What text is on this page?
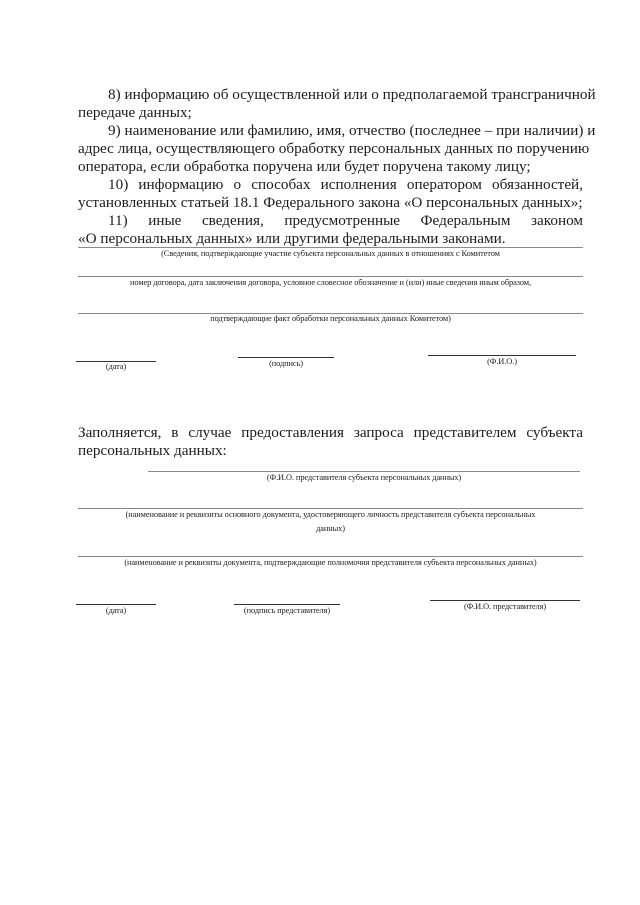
8) информацию об осуществленной или о предполагаемой трансграничной

передаче данных;

9) наименование или фамилию, имя, отчество (последнее – при наличии) и

адрес лица, осуществляющего обработку персональных данных по поручению

оператора, если обработка поручена или будет поручена такому лицу;

10) информацию о способах исполнения оператором обязанностей,

установленных статьей 18.1 Федерального закона «О персональных данных»;

11) иные сведения, предусмотренные Федеральным законом

«О персональных данных» или другими федеральными законами.

(Сведения, подтверждающие участие субъекта персональных данных в отношениях с Комитетом
номер договора, дата заключения договора, условное словесное обозначение и (или) иные сведения иным образом,
подтверждающие факт обработки персональных данных Комитетом)
(дата)	(подпись)	(Ф.И.О.)

Заполняется, в случае предоставления запроса представителем субъекта

персональных данных:

(Ф.И.О. представителя субъекта персональных данных)
(наименование и реквизиты основного документа, удостоверяющего личность представителя субъекта персональных
данных)
(наименование и реквизиты документа, подтверждающие полномочия представителя субъекта персональных данных)
(дата)	(подпись представителя)	(Ф.И.О. представителя)
